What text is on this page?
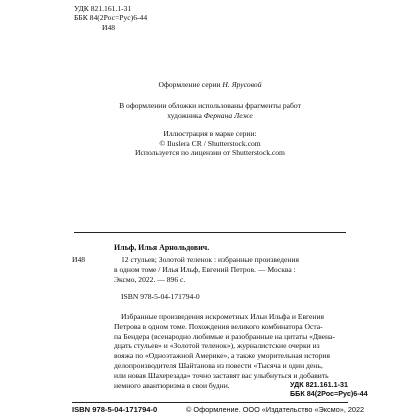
УДК 821.161.1-31
ББК 84(2Рос=Рус)6-44
И48
Оформление серии Н. Ярусовой
В оформлении обложки использованы фрагменты работ
художника Фернана Леже
Иллюстрация в марке серии:
© Iluslera CR / Shutterstock.com
Используется по лицензии от Shutterstock.com
Ильф, Илья Арнольдович.
И48	12 стульев; Золотой теленок : избранные произведения
в одном томе / Илья Ильф, Евгений Петров. — Москва :
Эксмо, 2022. — 896 с.
ISBN 978-5-04-171794-0
Избранные произведения искрометных Ильи Ильфа и Евгения
Петрова в одном томе. Похождения великого комбинатора Оста-
па Бендера (всенародно любимые и разобранные на цитаты «Двена-
дцать стульев» и «Золотой теленок»), журналистские очерки из
вояжа по «Одноэтажной Америке», а также уморительная история
делопроизводителя Шайтанова из повести «Тысяча и один день,
или новая Шахерезада» точно заставят вас улыбнуться и добавить
немного авантюризма в свои будни.	УДК 821.161.1-31
ББК 84(2Рос=Рус)6-44
ISBN 978-5-04-171794-0	© Оформление. ООО «Издательство «Эксмо», 2022
